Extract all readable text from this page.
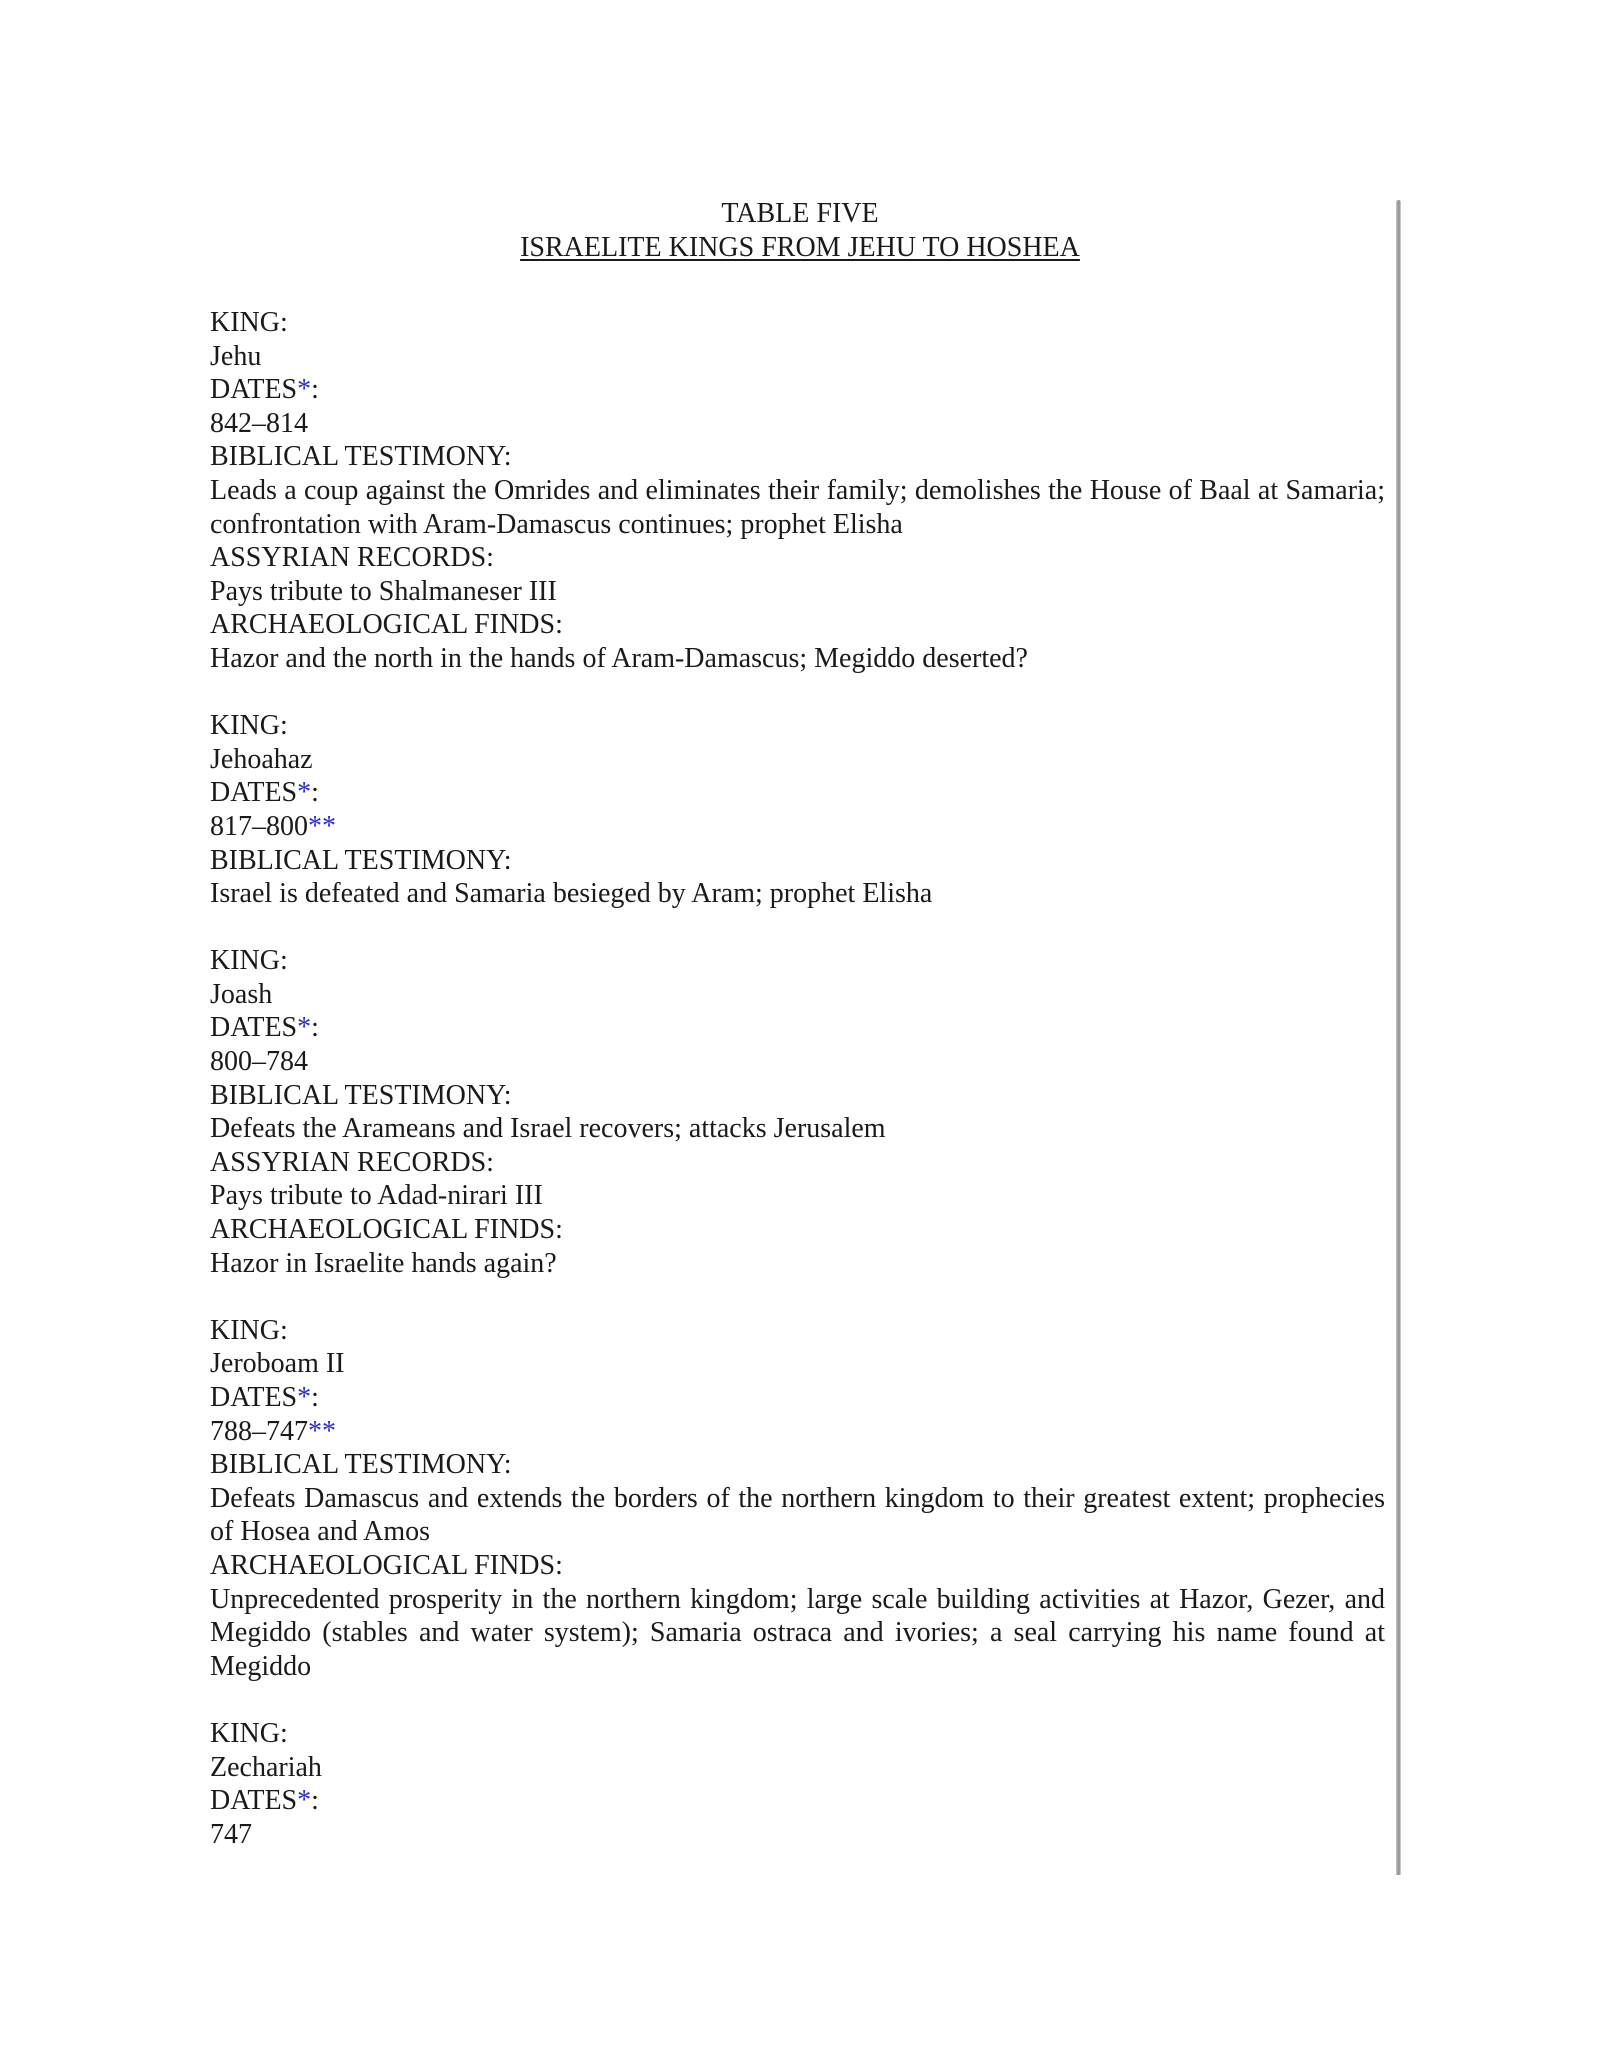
TABLE FIVE
ISRAELITE KINGS FROM JEHU TO HOSHEA
KING:
Jehu
DATES*:
842–814
BIBLICAL TESTIMONY:
Leads a coup against the Omrides and eliminates their family; demolishes the House of Baal at Samaria; confrontation with Aram-Damascus continues; prophet Elisha
ASSYRIAN RECORDS:
Pays tribute to Shalmaneser III
ARCHAEOLOGICAL FINDS:
Hazor and the north in the hands of Aram-Damascus; Megiddo deserted?
KING:
Jehoahaz
DATES*:
817–800**
BIBLICAL TESTIMONY:
Israel is defeated and Samaria besieged by Aram; prophet Elisha
KING:
Joash
DATES*:
800–784
BIBLICAL TESTIMONY:
Defeats the Arameans and Israel recovers; attacks Jerusalem
ASSYRIAN RECORDS:
Pays tribute to Adad-nirari III
ARCHAEOLOGICAL FINDS:
Hazor in Israelite hands again?
KING:
Jeroboam II
DATES*:
788–747**
BIBLICAL TESTIMONY:
Defeats Damascus and extends the borders of the northern kingdom to their greatest extent; prophecies of Hosea and Amos
ARCHAEOLOGICAL FINDS:
Unprecedented prosperity in the northern kingdom; large scale building activities at Hazor, Gezer, and Megiddo (stables and water system); Samaria ostraca and ivories; a seal carrying his name found at Megiddo
KING:
Zechariah
DATES*:
747
